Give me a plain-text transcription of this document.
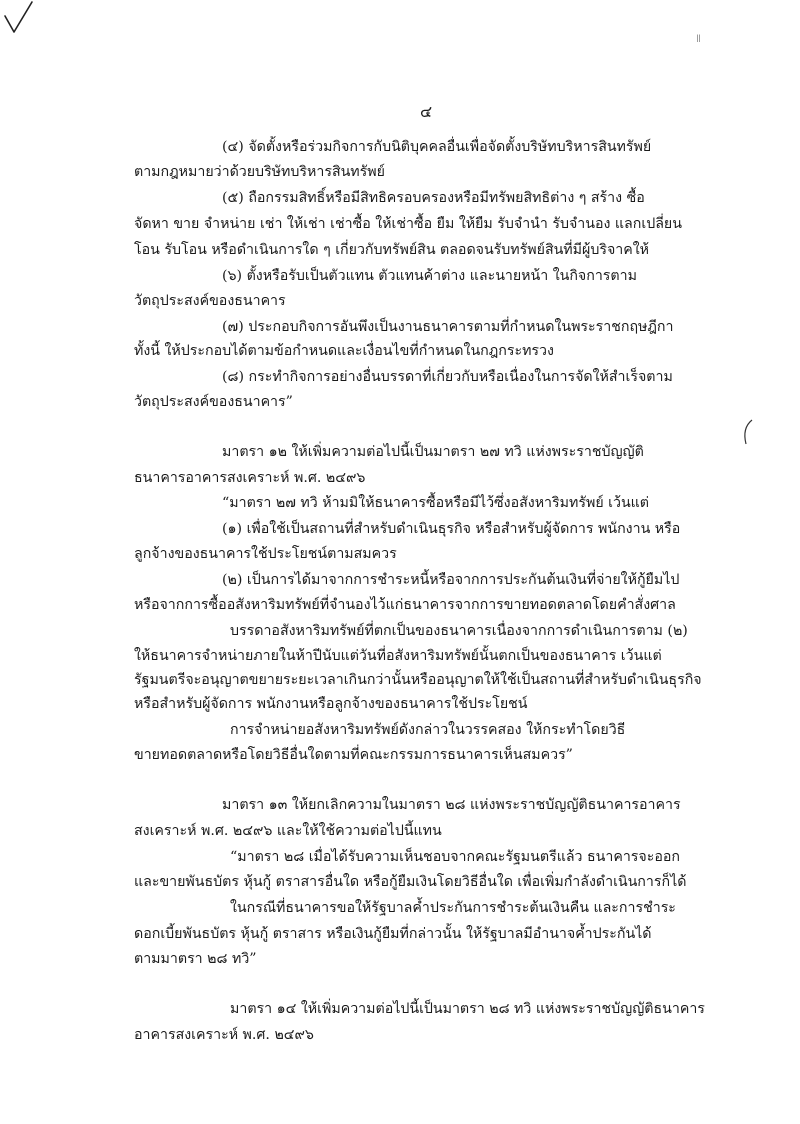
ǁ
๔
(๔) จัดตั้งหรือร่วมกิจการกับนิติบุคคลอื่นเพื่อจัดตั้งบริษัทบริหารสินทรัพย์
ตามกฎหมายว่าด้วยบริษัทบริหารสินทรัพย์
(๕) ถือกรรมสิทธิ์หรือมีสิทธิครอบครองหรือมีทรัพยสิทธิต่าง ๆ สร้าง ซื้อ
จัดหา ขาย จำหน่าย เช่า ให้เช่า เช่าซื้อ ให้เช่าซื้อ ยืม ให้ยืม รับจำนำ รับจำนอง แลกเปลี่ยน
โอน รับโอน หรือดำเนินการใด ๆ เกี่ยวกับทรัพย์สิน ตลอดจนรับทรัพย์สินที่มีผู้บริจาคให้
(๖) ตั้งหรือรับเป็นตัวแทน ตัวแทนค้าต่าง และนายหน้า ในกิจการตาม
วัตถุประสงค์ของธนาคาร
(๗) ประกอบกิจการอันพึงเป็นงานธนาคารตามที่กำหนดในพระราชกฤษฎีกา
ทั้งนี้ ให้ประกอบได้ตามข้อกำหนดและเงื่อนไขที่กำหนดในกฎกระทรวง
(๘) กระทำกิจการอย่างอื่นบรรดาที่เกี่ยวกับหรือเนื่องในการจัดให้สำเร็จตาม
วัตถุประสงค์ของธนาคาร”
มาตรา ๑๒ ให้เพิ่มความต่อไปนี้เป็นมาตรา ๒๗ ทวิ แห่งพระราชบัญญัติ
ธนาคารอาคารสงเคราะห์ พ.ศ. ๒๔๙๖
“มาตรา ๒๗ ทวิ ห้ามมิให้ธนาคารซื้อหรือมีไว้ซึ่งอสังหาริมทรัพย์ เว้นแต่
(๑) เพื่อใช้เป็นสถานที่สำหรับดำเนินธุรกิจ หรือสำหรับผู้จัดการ พนักงาน หรือ
ลูกจ้างของธนาคารใช้ประโยชน์ตามสมควร
(๒) เป็นการได้มาจากการชำระหนี้หรือจากการประกันต้นเงินที่จ่ายให้กู้ยืมไป
หรือจากการซื้ออสังหาริมทรัพย์ที่จำนองไว้แก่ธนาคารจากการขายทอดตลาดโดยคำสั่งศาล
บรรดาอสังหาริมทรัพย์ที่ตกเป็นของธนาคารเนื่องจากการดำเนินการตาม (๒)
ให้ธนาคารจำหน่ายภายในห้าปีนับแต่วันที่อสังหาริมทรัพย์นั้นตกเป็นของธนาคาร เว้นแต่
รัฐมนตรีจะอนุญาตขยายระยะเวลาเกินกว่านั้นหรืออนุญาตให้ใช้เป็นสถานที่สำหรับดำเนินธุรกิจ
หรือสำหรับผู้จัดการ พนักงานหรือลูกจ้างของธนาคารใช้ประโยชน์
การจำหน่ายอสังหาริมทรัพย์ดังกล่าวในวรรคสอง ให้กระทำโดยวิธี
ขายทอดตลาดหรือโดยวิธีอื่นใดตามที่คณะกรรมการธนาคารเห็นสมควร”
มาตรา ๑๓ ให้ยกเลิกความในมาตรา ๒๘ แห่งพระราชบัญญัติธนาคารอาคาร
สงเคราะห์ พ.ศ. ๒๔๙๖ และให้ใช้ความต่อไปนี้แทน
“มาตรา ๒๘ เมื่อได้รับความเห็นชอบจากคณะรัฐมนตรีแล้ว ธนาคารจะออก
และขายพันธบัตร หุ้นกู้ ตราสารอื่นใด หรือกู้ยืมเงินโดยวิธีอื่นใด เพื่อเพิ่มกำลังดำเนินการก็ได้
ในกรณีที่ธนาคารขอให้รัฐบาลค้ำประกันการชำระต้นเงินคืน และการชำระ
ดอกเบี้ยพันธบัตร หุ้นกู้ ตราสาร หรือเงินกู้ยืมที่กล่าวนั้น ให้รัฐบาลมีอำนาจค้ำประกันได้
ตามมาตรา ๒๘ ทวิ”
มาตรา ๑๔ ให้เพิ่มความต่อไปนี้เป็นมาตรา ๒๘ ทวิ แห่งพระราชบัญญัติธนาคาร
อาคารสงเคราะห์ พ.ศ. ๒๔๙๖
